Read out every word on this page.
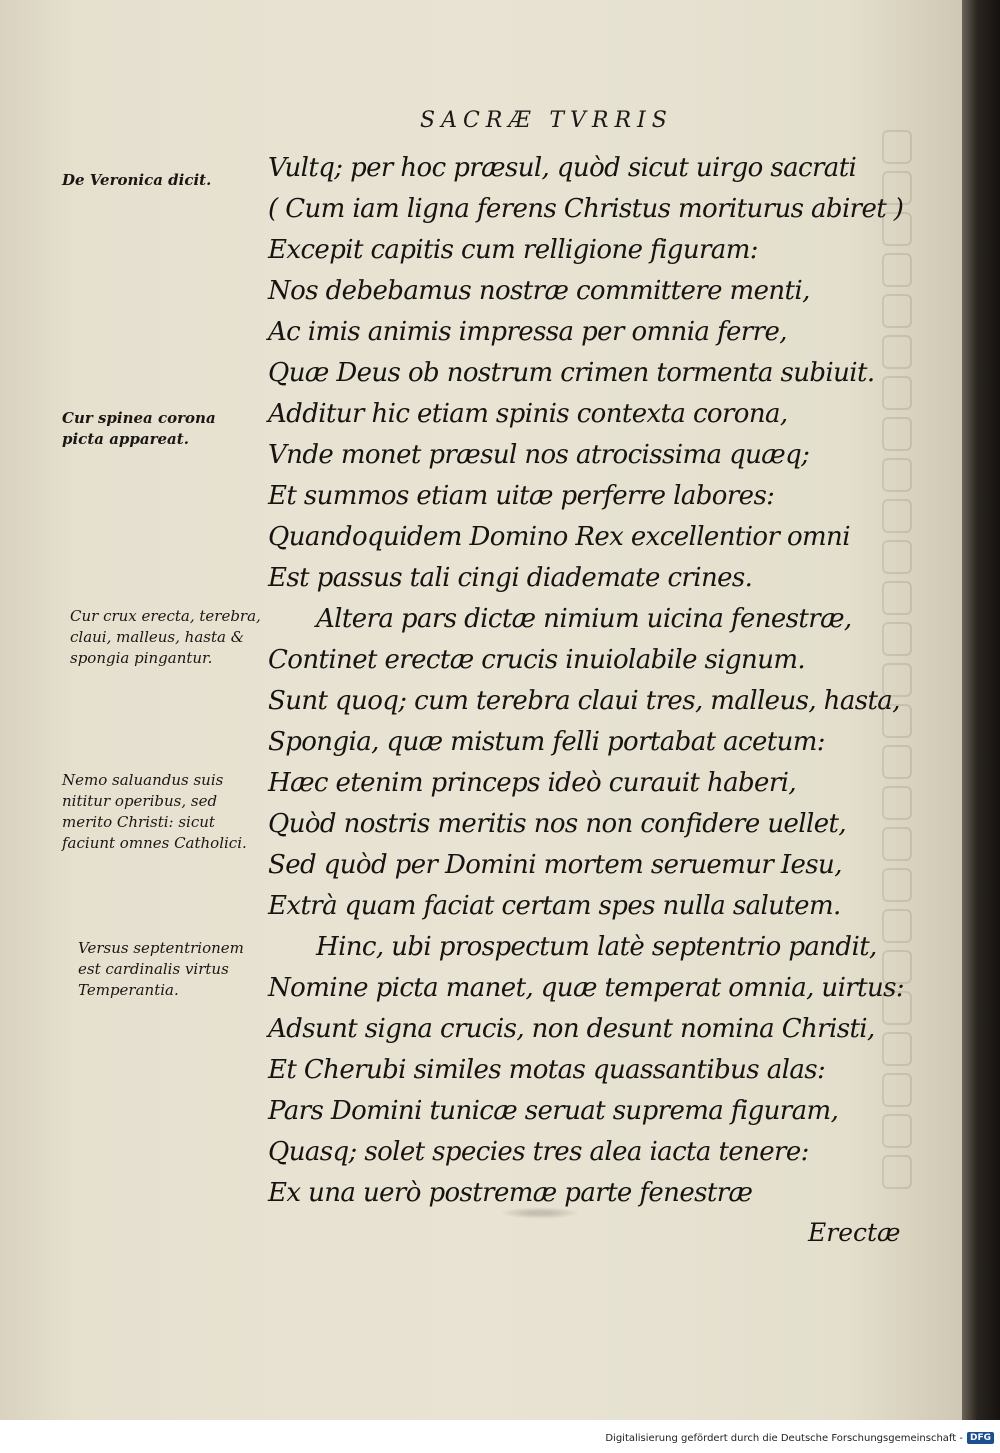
SACRÆ TVRRIS
Vultq; per hoc præsul, quòd sicut uirgo sacrati
( Cum iam ligna ferens Christus moriturus abiret )
Excepit capitis cum relligione figuram:
Nos debebamus nostræ committere menti,
Ac imis animis impressa per omnia ferre,
Quæ Deus ob nostrum crimen tormenta subiuit.
Additur hic etiam spinis contexta corona,
Vnde monet præsul nos atrocissima quæq;
Et summos etiam uitæ perferre labores:
Quandoquidem Domino Rex excellentior omni
Est passus tali cingi diademate crines.
Altera pars dictæ nimium uicina fenestræ,
Continet erectæ crucis inuiolabile signum.
Sunt quoq; cum terebra claui tres, malleus, hasta,
Spongia, quæ mistum felli portabat acetum:
Hæc etenim princeps ideò curauit haberi,
Quòd nostris meritis nos non confidere uellet,
Sed quòd per Domini mortem seruemur Iesu,
Extrà quam faciat certam spes nulla salutem.
Hinc, ubi prospectum latè septentrio pandit,
Nomine picta manet, quæ temperat omnia, uirtus:
Adsunt signa crucis, non desunt nomina Christi,
Et Cherubi similes motas quassantibus alas:
Pars Domini tunicæ seruat suprema figuram,
Quasq; solet species tres alea iacta tenere:
Ex una uerò postremæ parte fenestræ
De Veronica dicit.
Cur spinea corona picta appareat.
Cur crux erecta, terebra, claui, malleus, hasta & spongia pingantur.
Nemo saluandus suis nititur operibus, sed merito Christi: sicut faciunt omnes Catholici.
Versus septentrionem est cardinalis virtus Temperantia.
Erectæ
Digitalisierung gefördert durch die Deutsche Forschungsgemeinschaft - DFG
